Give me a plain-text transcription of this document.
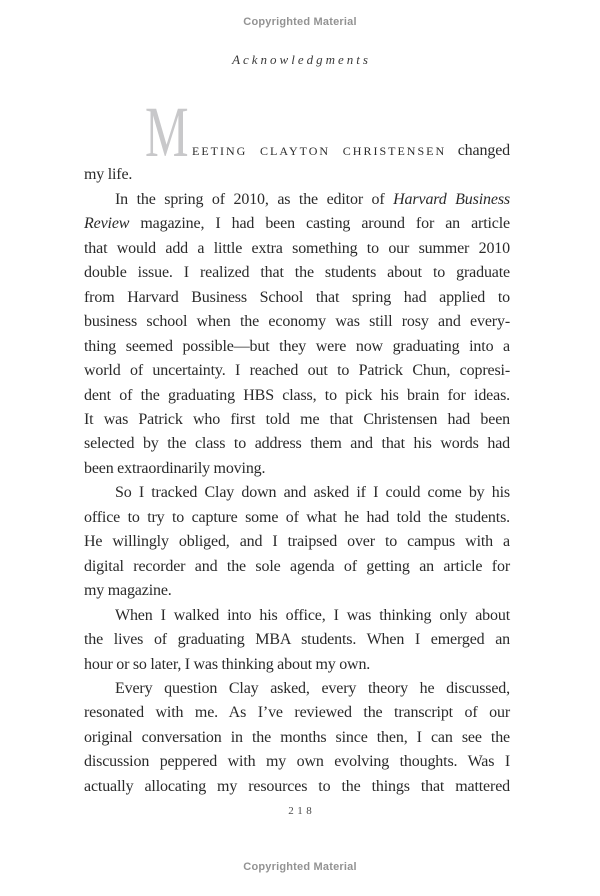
Copyrighted Material
Acknowledgments
M EETING CLAYTON CHRISTENSEN changed
my life.
In the spring of 2010, as the editor of Harvard Business
Review magazine, I had been casting around for an article
that would add a little extra something to our summer 2010
double issue. I realized that the students about to graduate
from Harvard Business School that spring had applied to
business school when the economy was still rosy and every-
thing seemed possible—but they were now graduating into a
world of uncertainty. I reached out to Patrick Chun, copresi-
dent of the graduating HBS class, to pick his brain for ideas.
It was Patrick who first told me that Christensen had been
selected by the class to address them and that his words had
been extraordinarily moving.
So I tracked Clay down and asked if I could come by his
office to try to capture some of what he had told the students.
He willingly obliged, and I traipsed over to campus with a
digital recorder and the sole agenda of getting an article for
my magazine.
When I walked into his office, I was thinking only about
the lives of graduating MBA students. When I emerged an
hour or so later, I was thinking about my own.
Every question Clay asked, every theory he discussed,
resonated with me. As I’ve reviewed the transcript of our
original conversation in the months since then, I can see the
discussion peppered with my own evolving thoughts. Was I
actually allocating my resources to the things that mattered
218
Copyrighted Material
